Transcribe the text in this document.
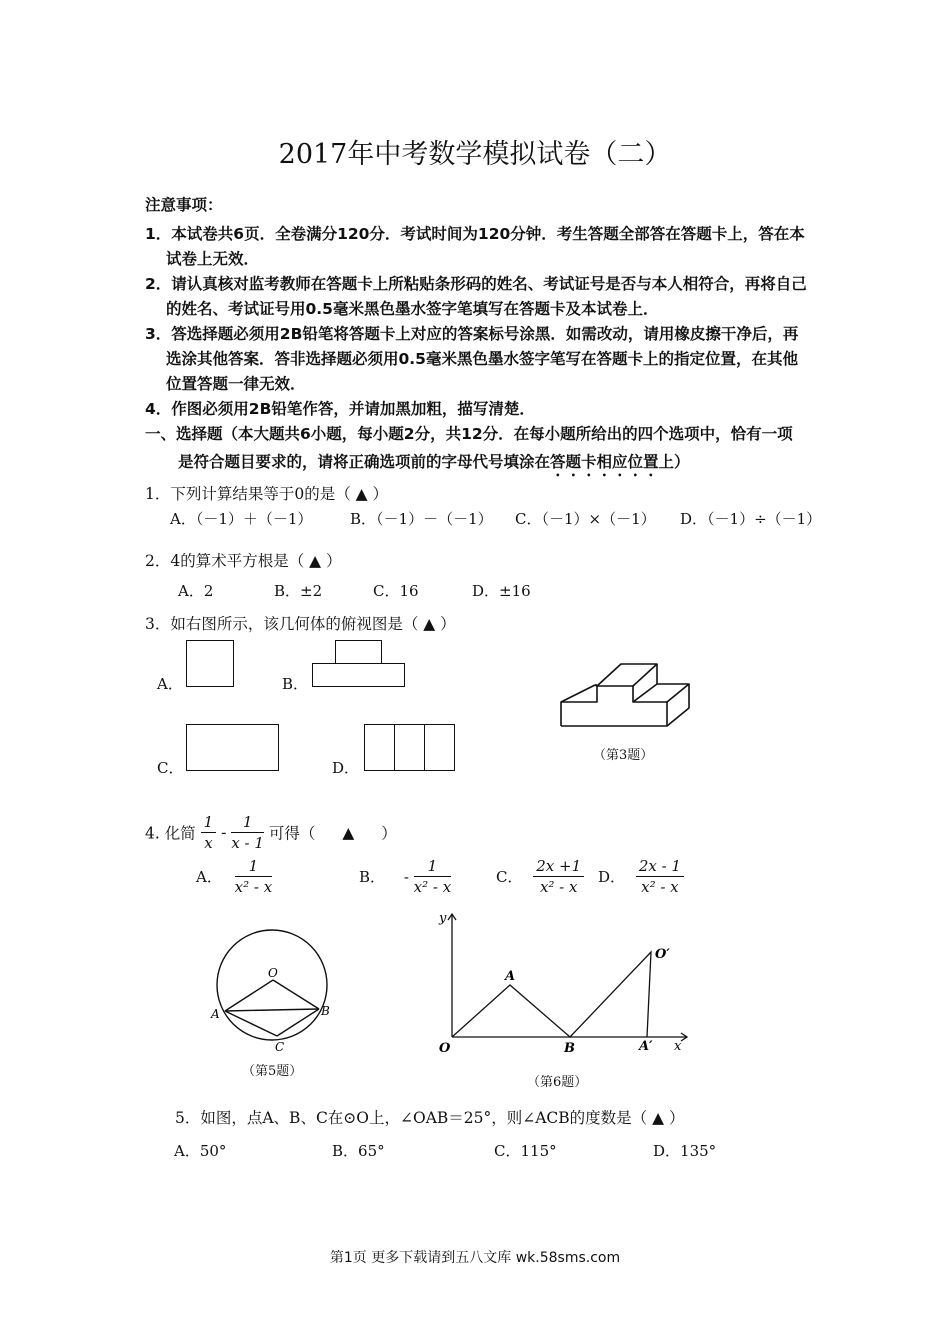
2017年中考数学模拟试卷（二）
注意事项：
1．本试卷共6页．全卷满分120分．考试时间为120分钟．考生答题全部答在答题卡上，答在本
试卷上无效．
2．请认真核对监考教师在答题卡上所粘贴条形码的姓名、考试证号是否与本人相符合，再将自己
的姓名、考试证号用0.5毫米黑色墨水签字笔填写在答题卡及本试卷上．
3．答选择题必须用2B铅笔将答题卡上对应的答案标号涂黑．如需改动，请用橡皮擦干净后，再
选涂其他答案．答非选择题必须用0.5毫米黑色墨水签字笔写在答题卡上的指定位置，在其他
位置答题一律无效．
4．作图必须用2B铅笔作答，并请加黑加粗，描写清楚．
一、选择题（本大题共6小题，每小题2分，共12分．在每小题所给出的四个选项中，恰有一项
是符合题目要求的，请将正确选项前的字母代号填涂在答题卡相应位置上）
1．下列计算结果等于0的是（ ▲ ）
A．（－1）＋（－1）	B．（－1）－（－1） C．（－1）×（－1） D．（－1）÷（－1）
2．4的算术平方根是（ ▲ ）
A．2	B．±2	C．16	D．±16
3．如右图所示，该几何体的俯视图是（ ▲ ）
A．	B．
C．	D．
（第3题）
4. 化简 $\frac{1}{x} - \frac{1}{x - 1}$ 可得（ ▲ ）
A． $\frac{1}{\text{x² - x}}$	B． - $\frac{1}{\text{x² - x}}$	C． $\frac{2x +1}{\text{x² - x}}$ D． $\frac{2x - 1}{\text{x² - x}}$
O
A	B
C
（第5题）
y
x
O
A
B	A′
O′
（第6题）
5．如图，点A、B、C在⊙O上，∠OAB＝25°，则∠ACB的度数是（ ▲ ）
A．50°	B．65°	C．115°	D．135°
第1页 更多下载请到五八文库 wk.58sms.com
